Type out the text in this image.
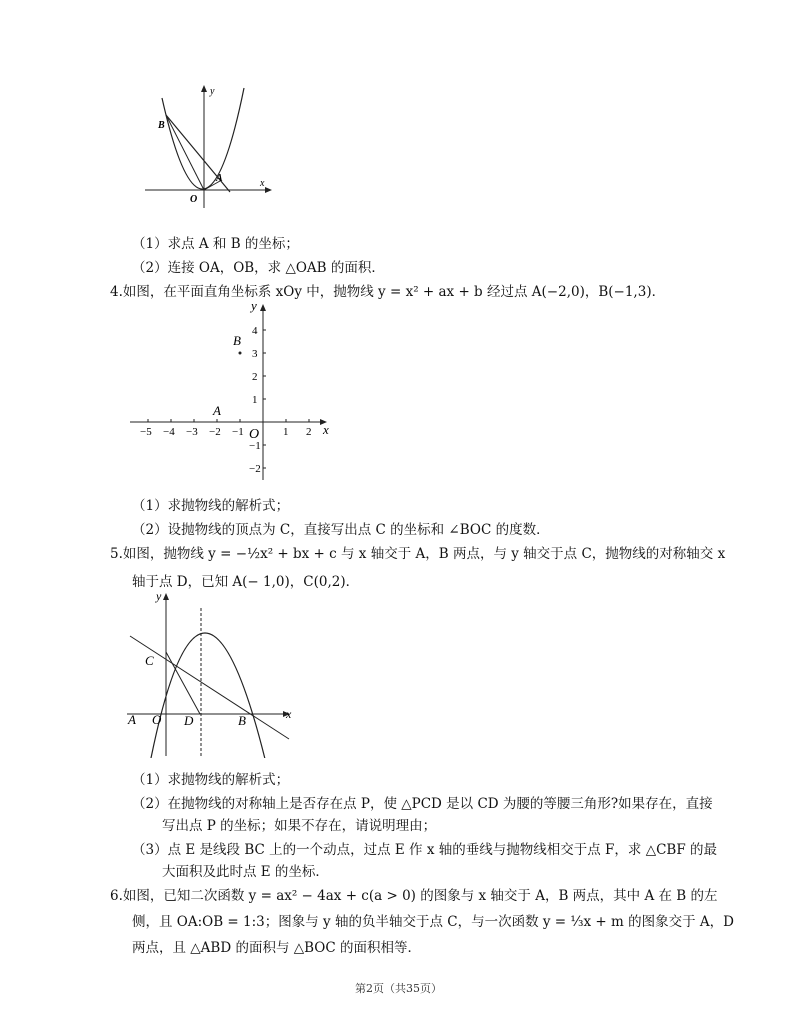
y
x
B
A
O
（1）求点 A 和 B 的坐标；
（2）连接 OA，OB，求 △OAB 的面积．
4.如图，在平面直角坐标系 xOy 中，抛物线 y = x² + ax + b 经过点 A(−2,0)，B(−1,3)．
−5 −4 −3 −2 −1	1 2
4
3
2
1
−1
−2
y
x
O
A
B
（1）求抛物线的解析式；
（2）设抛物线的顶点为 C，直接写出点 C 的坐标和 ∠BOC 的度数．
5.如图，抛物线 y = −½x² + bx + c 与 x 轴交于 A，B 两点，与 y 轴交于点 C，抛物线的对称轴交 x
轴于点 D，已知 A(− 1,0)，C(0,2)．
y
x
C
A O D	B
（1）求抛物线的解析式；
（2）在抛物线的对称轴上是否存在点 P，使 △PCD 是以 CD 为腰的等腰三角形?如果存在，直接
写出点 P 的坐标；如果不存在，请说明理由；
（3）点 E 是线段 BC 上的一个动点，过点 E 作 x 轴的垂线与抛物线相交于点 F，求 △CBF 的最
大面积及此时点 E 的坐标．
6.如图，已知二次函数 y = ax² − 4ax + c(a > 0) 的图象与 x 轴交于 A，B 两点，其中 A 在 B 的左
侧，且 OA:OB = 1:3；图象与 y 轴的负半轴交于点 C，与一次函数 y = ⅓x + m 的图象交于 A，D
两点，且 △ABD 的面积与 △BOC 的面积相等．
第2页（共35页）
